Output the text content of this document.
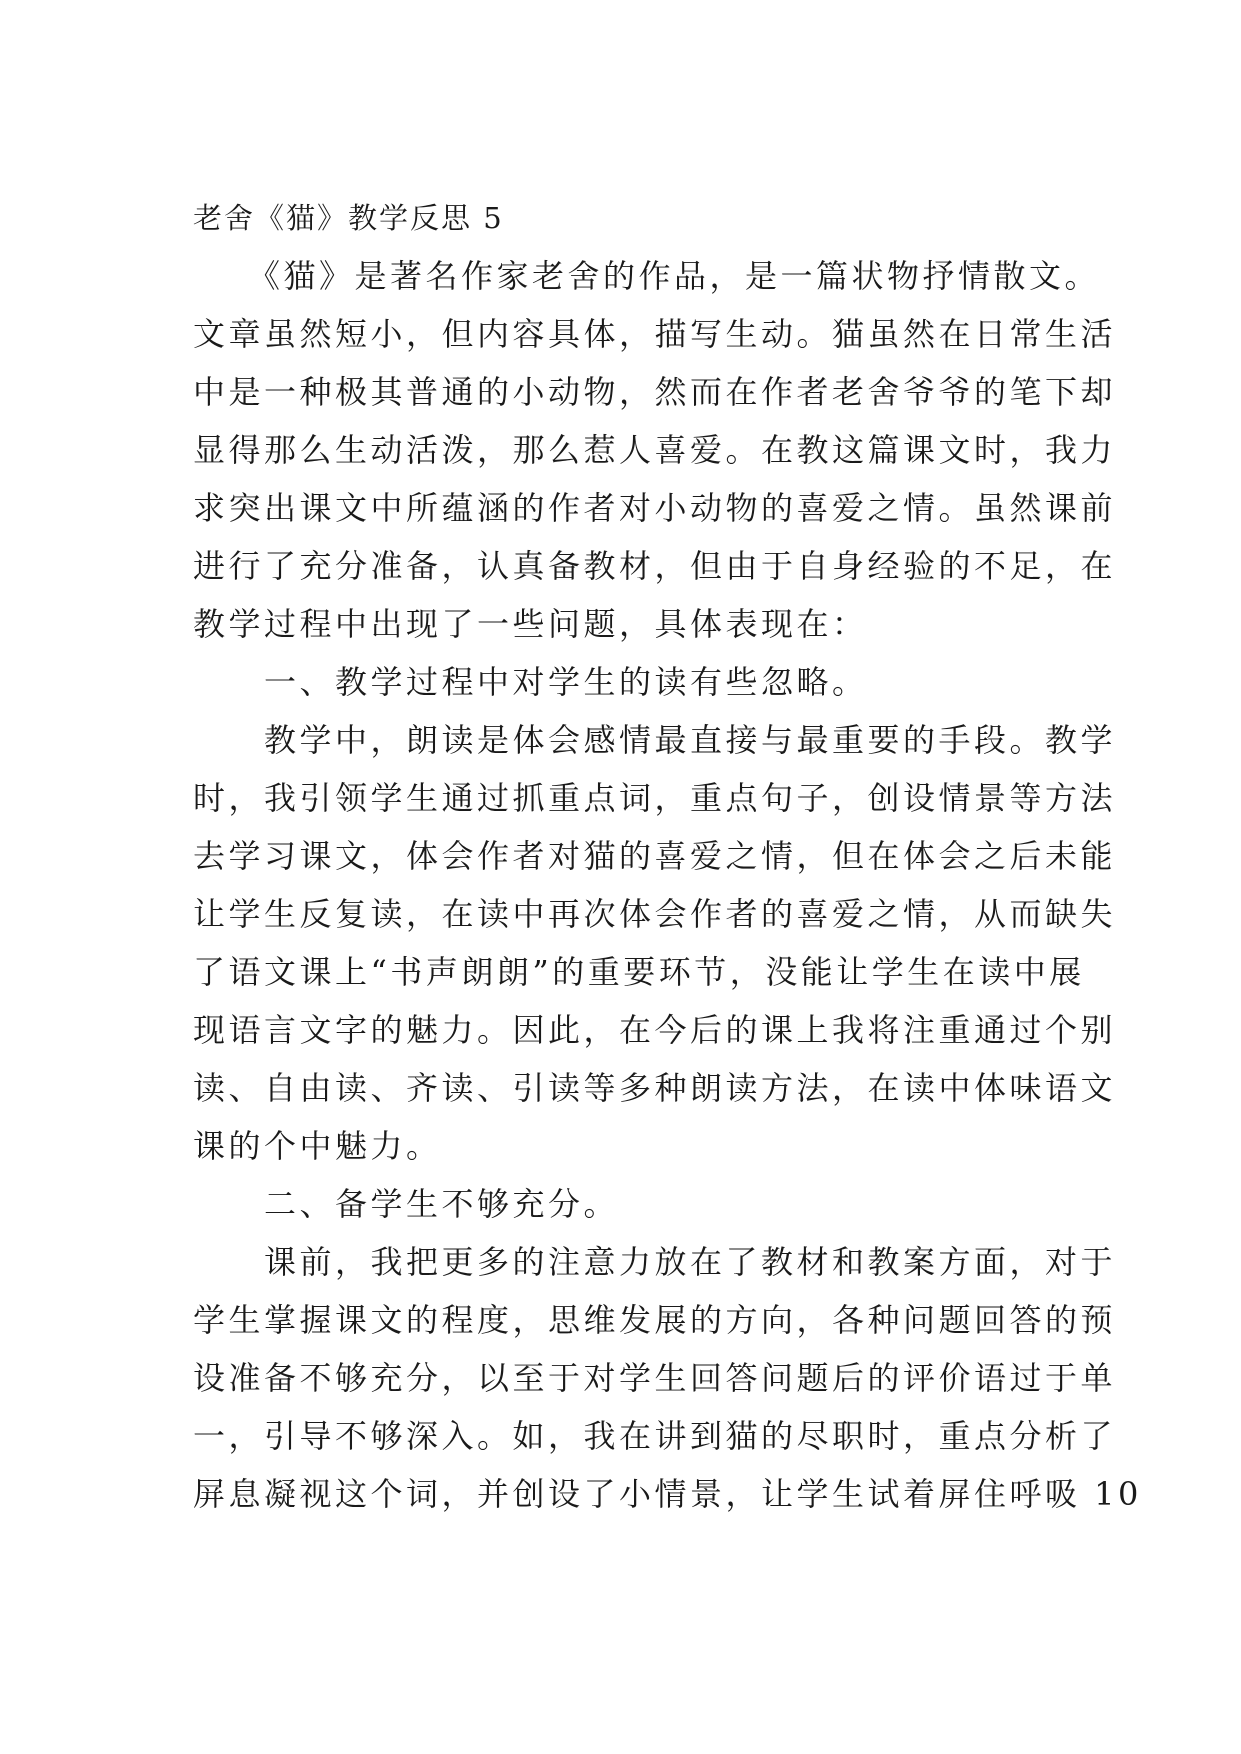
老舍《猫》教学反思 5
　　《猫》是著名作家老舍的作品，是一篇状物抒情散文。
文章虽然短小，但内容具体，描写生动。猫虽然在日常生活
中是一种极其普通的小动物，然而在作者老舍爷爷的笔下却
显得那么生动活泼，那么惹人喜爱。在教这篇课文时，我力
求突出课文中所蕴涵的作者对小动物的喜爱之情。虽然课前
进行了充分准备，认真备教材，但由于自身经验的不足，在
教学过程中出现了一些问题，具体表现在：
　　一、教学过程中对学生的读有些忽略。
　　教学中，朗读是体会感情最直接与最重要的手段。教学
时，我引领学生通过抓重点词，重点句子，创设情景等方法
去学习课文，体会作者对猫的喜爱之情，但在体会之后未能
让学生反复读，在读中再次体会作者的喜爱之情，从而缺失
了语文课上“书声朗朗”的重要环节，没能让学生在读中展
现语言文字的魅力。因此，在今后的课上我将注重通过个别
读、自由读、齐读、引读等多种朗读方法，在读中体味语文
课的个中魅力。
　　二、备学生不够充分。
　　课前，我把更多的注意力放在了教材和教案方面，对于
学生掌握课文的程度，思维发展的方向，各种问题回答的预
设准备不够充分，以至于对学生回答问题后的评价语过于单
一，引导不够深入。如，我在讲到猫的尽职时，重点分析了
屏息凝视这个词，并创设了小情景，让学生试着屏住呼吸 10
